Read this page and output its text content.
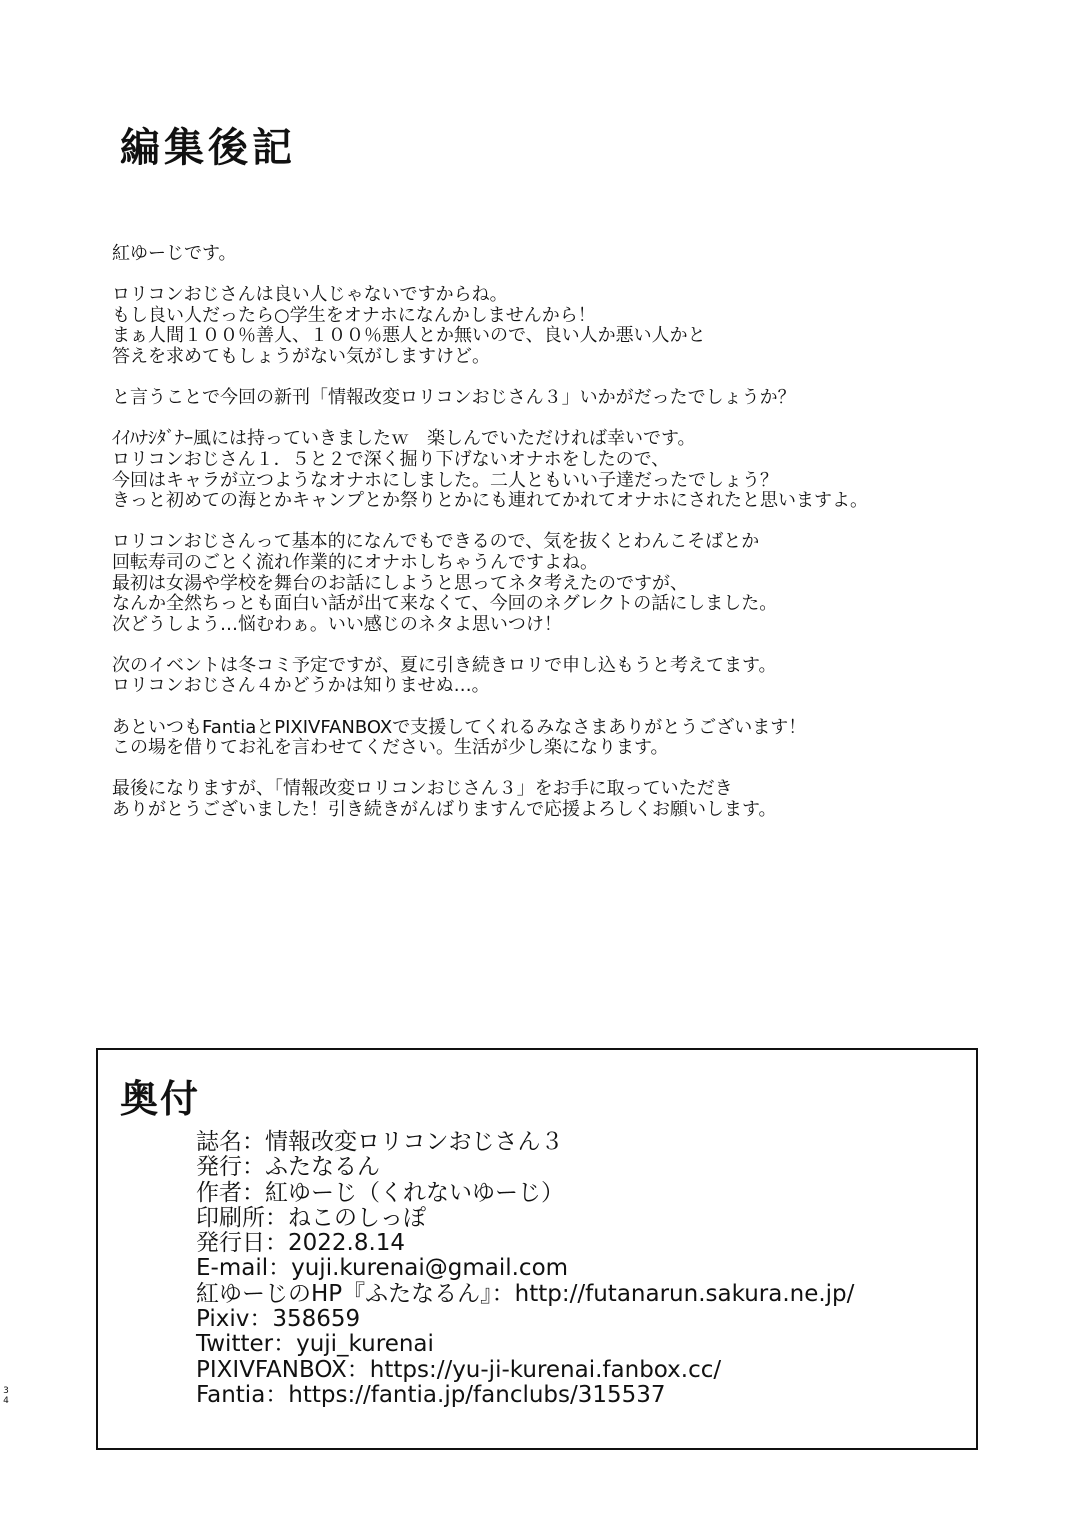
編集後記

紅ゆーじです。

ロリコンおじさんは良い人じゃないですからね。
もし良い人だったら○学生をオナホになんかしませんから！
まぁ人間１００％善人、１００％悪人とか無いので、良い人か悪い人かと
答えを求めてもしょうがない気がしますけど。

と言うことで今回の新刊「情報改変ロリコンおじさん３」いかがだったでしょうか？

ｲｲﾊﾅｼﾀﾞﾅｰ風には持っていきましたｗ　楽しんでいただければ幸いです。
ロリコンおじさん１．５と２で深く掘り下げないオナホをしたので、
今回はキャラが立つようなオナホにしました。二人ともいい子達だったでしょう？
きっと初めての海とかキャンプとか祭りとかにも連れてかれてオナホにされたと思いますよ。

ロリコンおじさんって基本的になんでもできるので、気を抜くとわんこそばとか
回転寿司のごとく流れ作業的にオナホしちゃうんですよね。
最初は女湯や学校を舞台のお話にしようと思ってネタ考えたのですが、
なんか全然ちっとも面白い話が出て来なくて、今回のネグレクトの話にしました。
次どうしよう…悩むわぁ。いい感じのネタよ思いつけ！

次のイベントは冬コミ予定ですが、夏に引き続きロリで申し込もうと考えてます。
ロリコンおじさん４かどうかは知りませぬ…。

あといつもFantiaとPIXIVFANBOXで支援してくれるみなさまありがとうございます！
この場を借りてお礼を言わせてください。生活が少し楽になります。

最後になりますが、「情報改変ロリコンおじさん３」をお手に取っていただき
ありがとうございました！引き続きがんばりますんで応援よろしくお願いします。

奥付
誌名：情報改変ロリコンおじさん３
発行：ふたなるん
作者：紅ゆーじ（くれないゆーじ）
印刷所：ねこのしっぽ
発行日：2022.8.14
E-mail：yuji.kurenai@gmail.com
紅ゆーじのHP『ふたなるん』：http://futanarun.sakura.ne.jp/
Pixiv：358659
Twitter：yuji_kurenai
PIXIVFANBOX：https://yu-ji-kurenai.fanbox.cc/
Fantia：https://fantia.jp/fanclubs/315537
3
4
